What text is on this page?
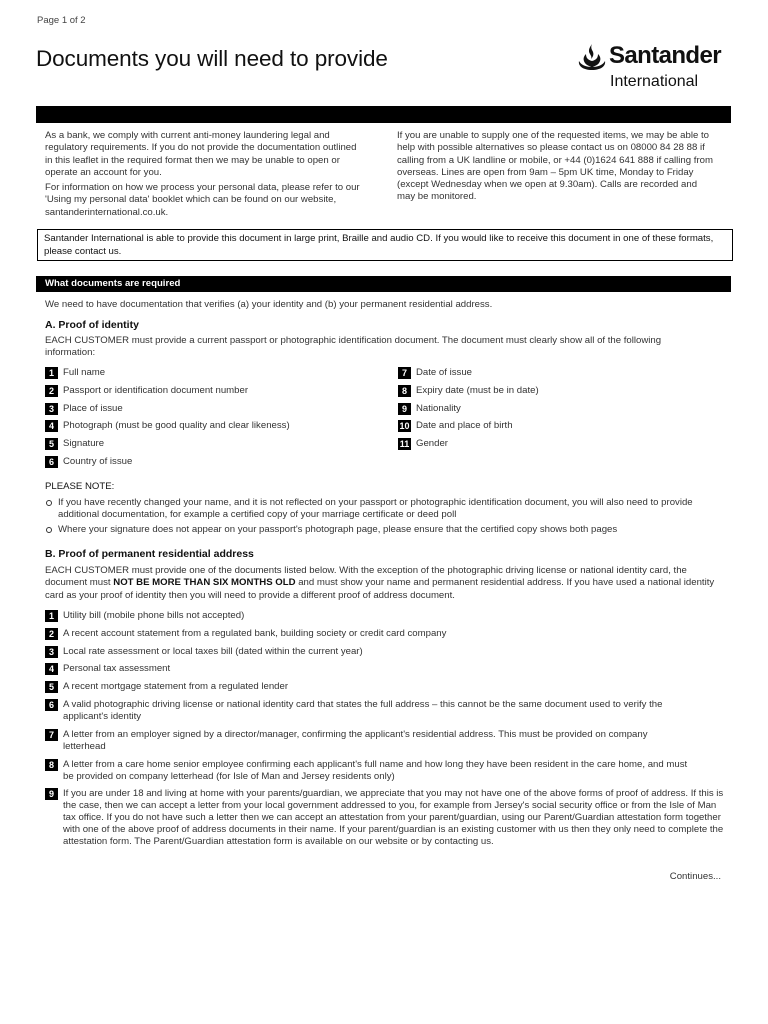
Page 1 of 2
Documents you will need to provide	Santander
International

As a bank, we comply with current anti-money laundering legal and regulatory requirements. If you do not provide the documentation outlined in this leaflet in the required format then we may be unable to open or operate an account for you.

For information on how we process your personal data, please refer to our 'Using my personal data' booklet which can be found on our website, santanderinternational.co.uk.

If you are unable to supply one of the requested items, we may be able to help with possible alternatives so please contact us on 08000 84 28 88 if calling from a UK landline or mobile, or +44 (0)1624 641 888 if calling from overseas. Lines are open from 9am – 5pm UK time, Monday to Friday (except Wednesday when we open at 9.30am). Calls are recorded and may be monitored.

Santander International is able to provide this document in large print, Braille and audio CD. If you would like to receive this document in one of these formats, please contact us.
What documents are required
We need to have documentation that verifies (a) your identity and (b) your permanent residential address.
A. Proof of identity
EACH CUSTOMER must provide a current passport or photographic identification document. The document must clearly show all of the following information:
1 Full name
2 Passport or identification document number
3 Place of issue
4 Photograph (must be good quality and clear likeness)
5 Signature
6 Country of issue
7 Date of issue
8 Expiry date (must be in date)
9 Nationality
10 Date and place of birth
11 Gender
PLEASE NOTE:
If you have recently changed your name, and it is not reflected on your passport or photographic identification document, you will also need to provide additional documentation, for example a certified copy of your marriage certificate or deed poll
Where your signature does not appear on your passport's photograph page, please ensure that the certified copy shows both pages
B. Proof of permanent residential address
EACH CUSTOMER must provide one of the documents listed below. With the exception of the photographic driving license or national identity card, the document must NOT BE MORE THAN SIX MONTHS OLD and must show your name and permanent residential address. If you have used a national identity card as your proof of identity then you will need to provide a different proof of address document.
1 Utility bill (mobile phone bills not accepted)
2 A recent account statement from a regulated bank, building society or credit card company
3 Local rate assessment or local taxes bill (dated within the current year)
4 Personal tax assessment
5 A recent mortgage statement from a regulated lender
6 A valid photographic driving license or national identity card that states the full address – this cannot be the same document used to verify the applicant's identity
7 A letter from an employer signed by a director/manager, confirming the applicant's residential address. This must be provided on company letterhead
8 A letter from a care home senior employee confirming each applicant's full name and how long they have been resident in the care home, and must be provided on company letterhead (for Isle of Man and Jersey residents only)
9 If you are under 18 and living at home with your parents/guardian, we appreciate that you may not have one of the above forms of proof of address. If this is the case, then we can accept a letter from your local government addressed to you, for example from Jersey's social security office or from the Isle of Man tax office. If you do not have such a letter then we can accept an attestation from your parent/guardian, using our Parent/Guardian attestation form together with one of the above proof of address documents in their name. If your parent/guardian is an existing customer with us then they only need to complete the attestation form. The Parent/Guardian attestation form is available on our website or by contacting us.
Continues...
